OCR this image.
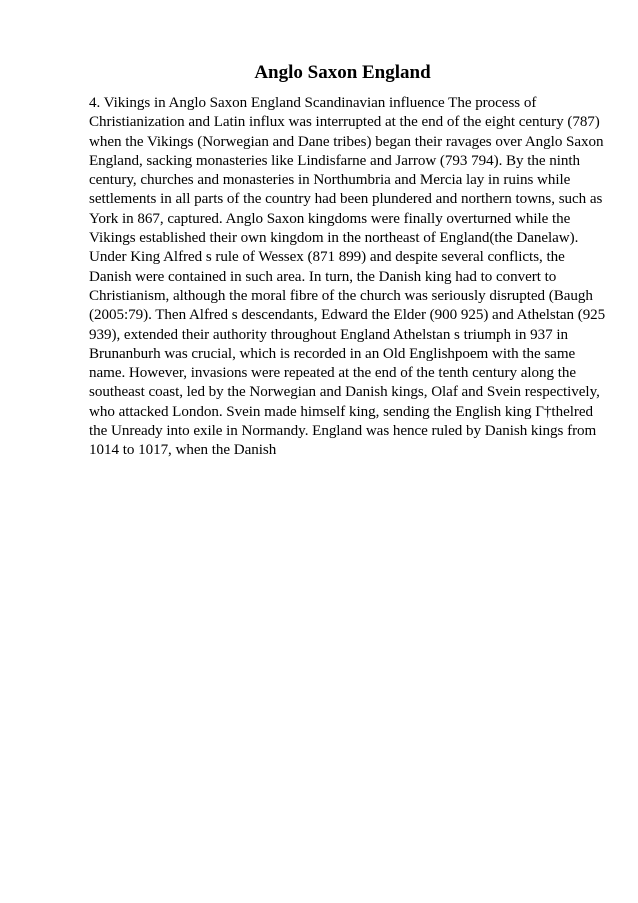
Anglo Saxon England
4. Vikings in Anglo Saxon England Scandinavian influence The process of
Christianization and Latin influx was interrupted at the end of the eight century (787)
when the Vikings (Norwegian and Dane tribes) began their ravages over Anglo Saxon
England, sacking monasteries like Lindisfarne and Jarrow (793 794). By the ninth
century, churches and monasteries in Northumbria and Mercia lay in ruins while
settlements in all parts of the country had been plundered and northern towns, such as
York in 867, captured. Anglo Saxon kingdoms were finally overturned while the
Vikings established their own kingdom in the northeast of England(the Danelaw).
Under King Alfred s rule of Wessex (871 899) and despite several conflicts, the
Danish were contained in such area. In turn, the Danish king had to convert to
Christianism, although the moral fibre of the church was seriously disrupted (Baugh
(2005:79). Then Alfred s descendants, Edward the Elder (900 925) and Athelstan (925
939), extended their authority throughout England Athelstan s triumph in 937 in
Brunanburh was crucial, which is recorded in an Old Englishpoem with the same
name. However, invasions were repeated at the end of the tenth century along the
southeast coast, led by the Norwegian and Danish kings, Olaf and Svein respectively,
who attacked London. Svein made himself king, sending the English king Г†thelred
the Unready into exile in Normandy. England was hence ruled by Danish kings from
1014 to 1017, when the Danish
